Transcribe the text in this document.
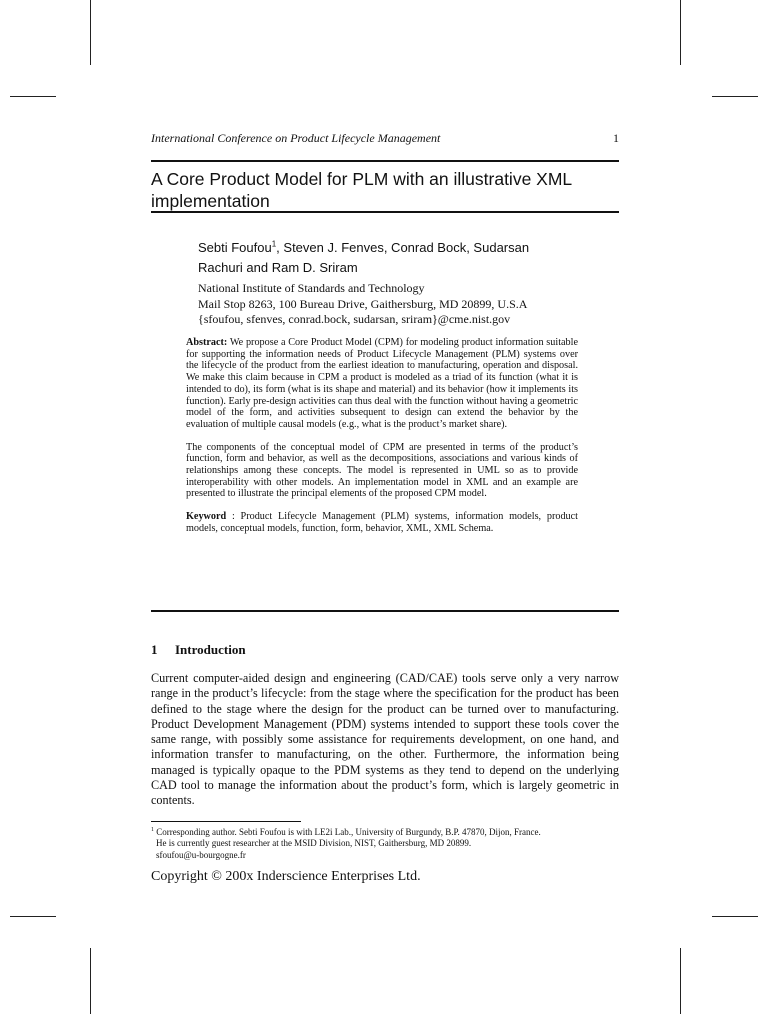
International Conference on Product Lifecycle Management	1
A Core Product Model for PLM with an illustrative XML implementation
Sebti Foufou$^1$, Steven J. Fenves, Conrad Bock, Sudarsan
Rachuri and Ram D. Sriram
National Institute of Standards and Technology
Mail Stop 8263, 100 Bureau Drive, Gaithersburg, MD 20899, U.S.A
{sfoufou, sfenves, conrad.bock, sudarsan, sriram}@cme.nist.gov

Abstract: We propose a Core Product Model (CPM) for modeling product information suitable for supporting the information needs of Product Lifecycle Management (PLM) systems over the lifecycle of the product from the earliest ideation to manufacturing, operation and disposal. We make this claim because in CPM a product is modeled as a triad of its function (what it is intended to do), its form (what is its shape and material) and its behavior (how it implements its function). Early pre-design activities can thus deal with the function without having a geometric model of the form, and activities subsequent to design can extend the behavior by the evaluation of multiple causal models (e.g., what is the product’s market share).

The components of the conceptual model of CPM are presented in terms of the product’s function, form and behavior, as well as the decompositions, associations and various kinds of relationships among these concepts. The model is represented in UML so as to provide interoperability with other models. An implementation model in XML and an example are presented to illustrate the principal elements of the proposed CPM model.

Keyword : Product Lifecycle Management (PLM) systems, information models, product models, conceptual models, function, form, behavior, XML, XML Schema.

1 Introduction
Current computer-aided design and engineering (CAD/CAE) tools serve only a very narrow range in the product’s lifecycle: from the stage where the specification for the product has been defined to the stage where the design for the product can be turned over to manufacturing. Product Development Management (PDM) systems intended to support these tools cover the same range, with possibly some assistance for requirements development, on one hand, and information transfer to manufacturing, on the other. Furthermore, the information being managed is typically opaque to the PDM systems as they tend to depend on the underlying CAD tool to manage the information about the product’s form, which is largely geometric in contents.
$^1$ Corresponding author. Sebti Foufou is with LE2i Lab., University of Burgundy, B.P. 47870, Dijon, France.
He is currently guest researcher at the MSID Division, NIST, Gaithersburg, MD 20899.
sfoufou@u-bourgogne.fr
Copyright © 200x Inderscience Enterprises Ltd.
